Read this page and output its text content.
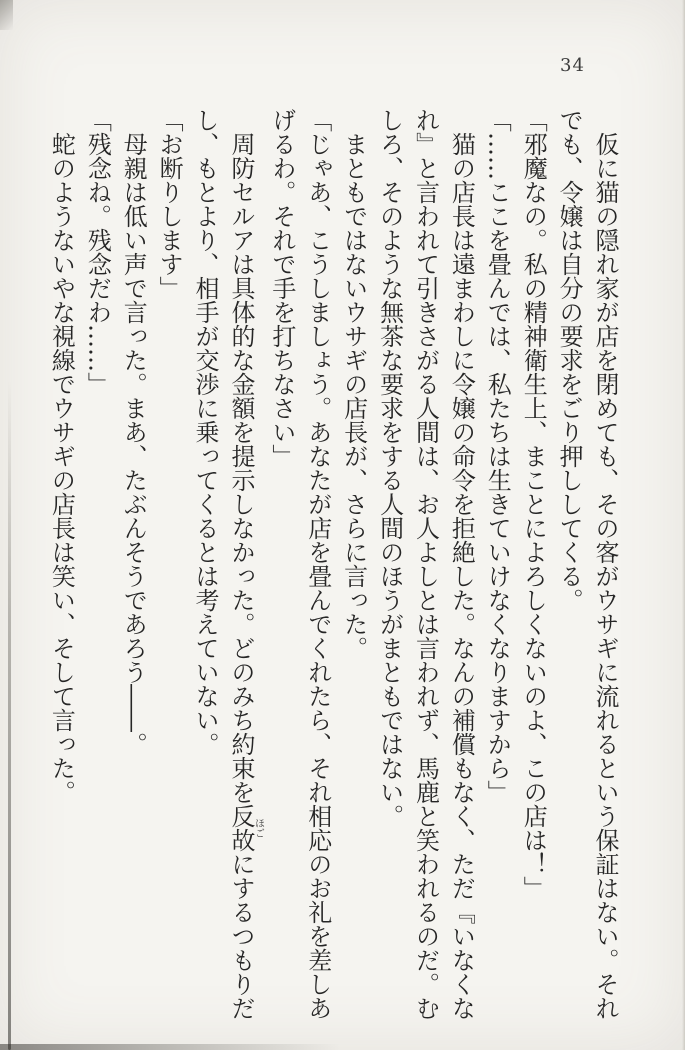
34

仮に猫の隠れ家が店を閉めても、その客がウサギに流れるという保証はない。それでも、令嬢は自分の要求をごり押ししてくる。

「邪魔なの。私の精神衛生上、まことによろしくないのよ、この店は！」

「……ここを畳んでは、私たちは生きていけなくなりますから」

猫の店長は遠まわしに令嬢の命令を拒絶した。なんの補償もなく、ただ『いなくなれ』と言われて引きさがる人間は、お人よしとは言われず、馬鹿と笑われるのだ。むしろ、そのような無茶な要求をする人間のほうがまともではない。

まともではないウサギの店長が、さらに言った。

「じゃあ、こうしましょう。あなたが店を畳んでくれたら、それ相応のお礼を差しあげるわ。それで手を打ちなさい」

周防セルアは具体的な金額を提示しなかった。どのみち約束を反故ほごにするつもりだし、もとより、相手が交渉に乗ってくるとは考えていない。

「お断りします」

母親は低い声で言った。まあ、たぶんそうであろう――。

「残念ね。残念だわ……」

蛇のようないやな視線でウサギの店長は笑い、そして言った。
